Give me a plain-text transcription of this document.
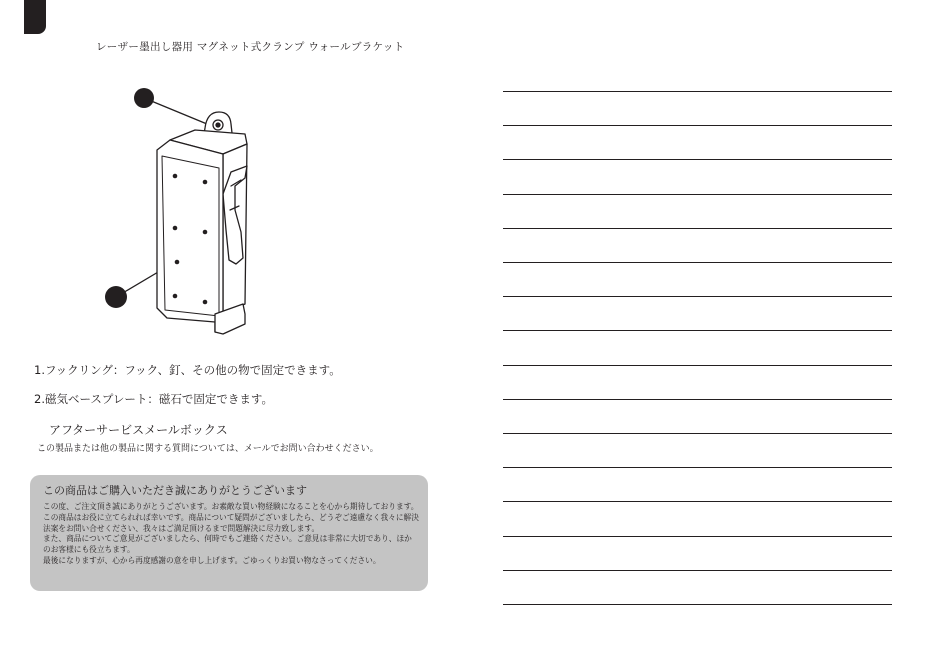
レーザー墨出し器用 マグネット式クランプ ウォールブラケット
1.フックリング：フック、釘、その他の物で固定できます。
2.磁気ベースプレート：磁石で固定できます。
アフターサービスメールボックス
この製品または他の製品に関する質問については、メールでお問い合わせください。
この商品はご購入いただき誠にありがとうございます

この度、ご注文頂き誠にありがとうございます。お素敵な買い物経験になることを心から期待しております。

この商品はお役に立てられれば幸いです。商品について疑問がございましたら、どうぞご遠慮なく我々に解決法案をお問い合せください、我々はご満足頂けるまで問題解決に尽力致します。

また、商品についてご意見がございましたら、何時でもご連絡ください。ご意見は非常に大切であり、ほかのお客様にも役立ちます。

最後になりますが、心から再度感謝の意を申し上げます。ごゆっくりお買い物なさってください。
